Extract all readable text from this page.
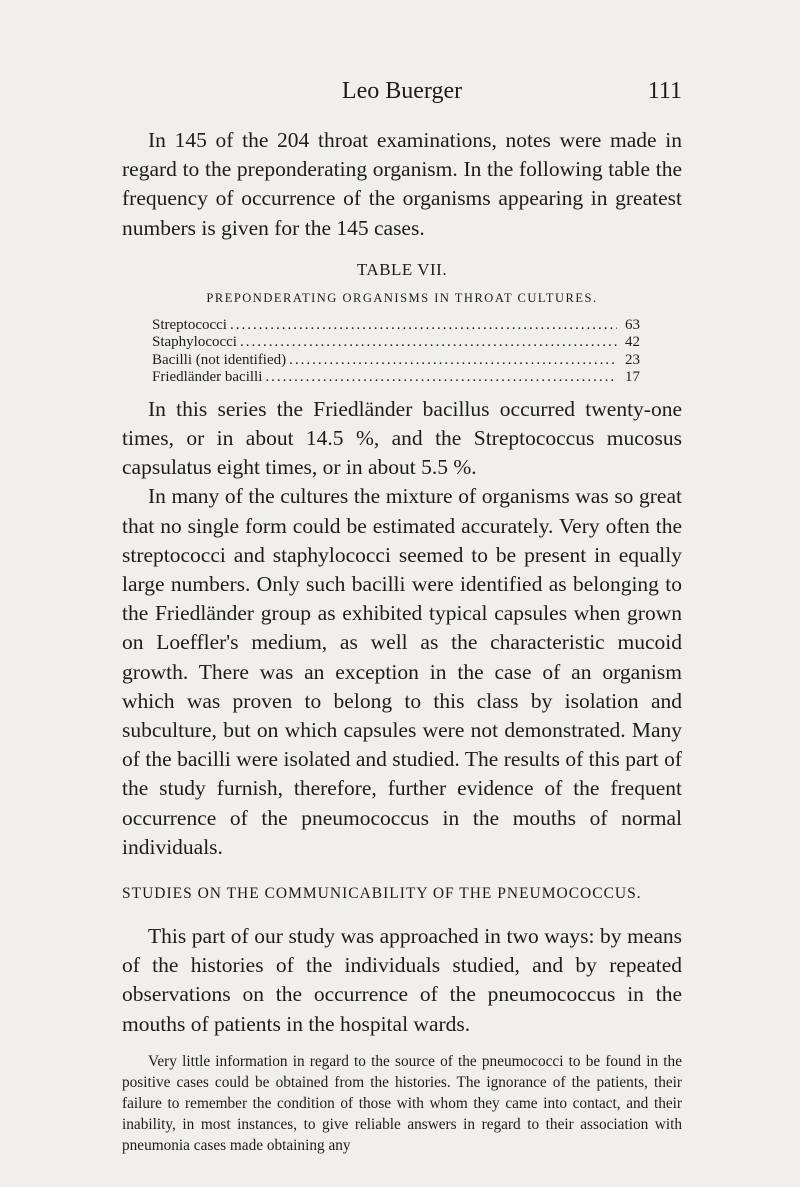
Leo Buerger	111

In 145 of the 204 throat examinations, notes were made in regard to the preponderating organism. In the following table the frequency of occurrence of the organisms appearing in greatest numbers is given for the 145 cases.

TABLE VII.
PREPONDERATING ORGANISMS IN THROAT CULTURES.
Streptococci .....	63
Staphylococci .....	42
Bacilli (not identified) .....	23
Friedländer bacilli .....	17

In this series the Friedländer bacillus occurred twenty-one times, or in about 14.5 %, and the Streptococcus mucosus capsulatus eight times, or in about 5.5 %.

In many of the cultures the mixture of organisms was so great that no single form could be estimated accurately. Very often the streptococci and staphylococci seemed to be present in equally large numbers. Only such bacilli were identified as belonging to the Friedländer group as exhibited typical capsules when grown on Loeffler's medium, as well as the characteristic mucoid growth. There was an exception in the case of an organism which was proven to belong to this class by isolation and subculture, but on which capsules were not demonstrated. Many of the bacilli were isolated and studied. The results of this part of the study furnish, therefore, further evidence of the frequent occurrence of the pneumococcus in the mouths of normal individuals.

STUDIES ON THE COMMUNICABILITY OF THE PNEUMOCOCCUS.

This part of our study was approached in two ways: by means of the histories of the individuals studied, and by repeated observations on the occurrence of the pneumococcus in the mouths of patients in the hospital wards.

Very little information in regard to the source of the pneumococci to be found in the positive cases could be obtained from the histories. The ignorance of the patients, their failure to remember the condition of those with whom they came into contact, and their inability, in most instances, to give reliable answers in regard to their association with pneumonia cases made obtaining any
